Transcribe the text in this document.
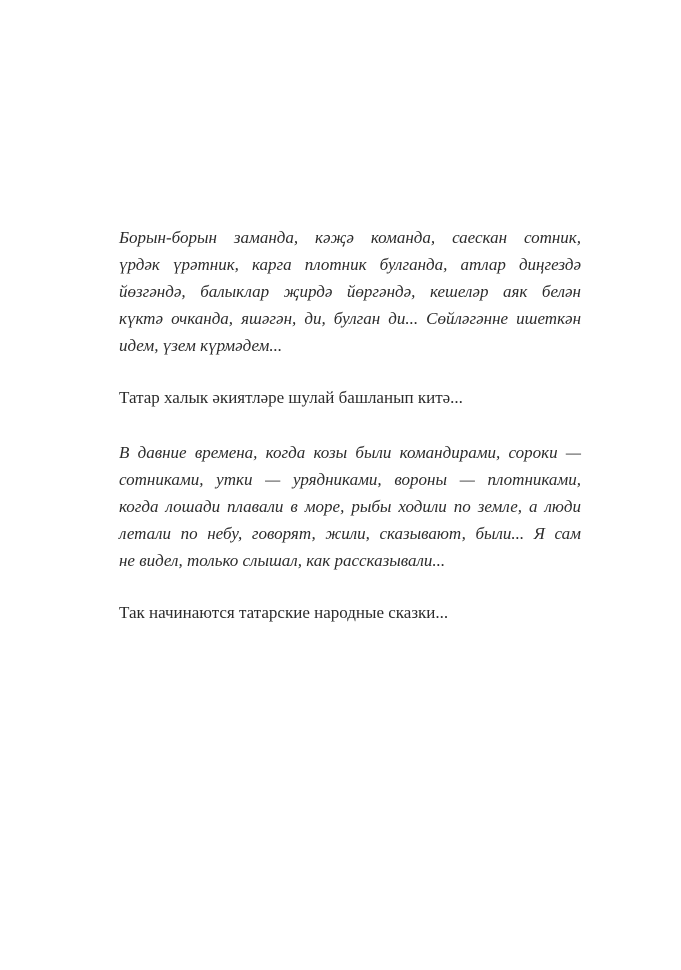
Борын-борын заманда, кәҗә команда, саескан сотник,
үрдәк үрәтник, карга плотник булганда, атлар диңгездә
йөзгәндә, балыклар җирдә йөргәндә, кешеләр аяк белән
күктә очканда, яшәгән, ди, булган ди... Сөйләгәнне ишеткән
идем, үзем күрмәдем...
Татар халык әкиятләре шулай башланып китә...
В давние времена, когда козы были командирами, сороки —
сотниками, утки — урядниками, вороны — плотниками,
когда лошади плавали в море, рыбы ходили по земле, а люди
летали по небу, говорят, жили, сказывают, были... Я сам
не видел, только слышал, как рассказывали...
Так начинаются татарские народные сказки...
